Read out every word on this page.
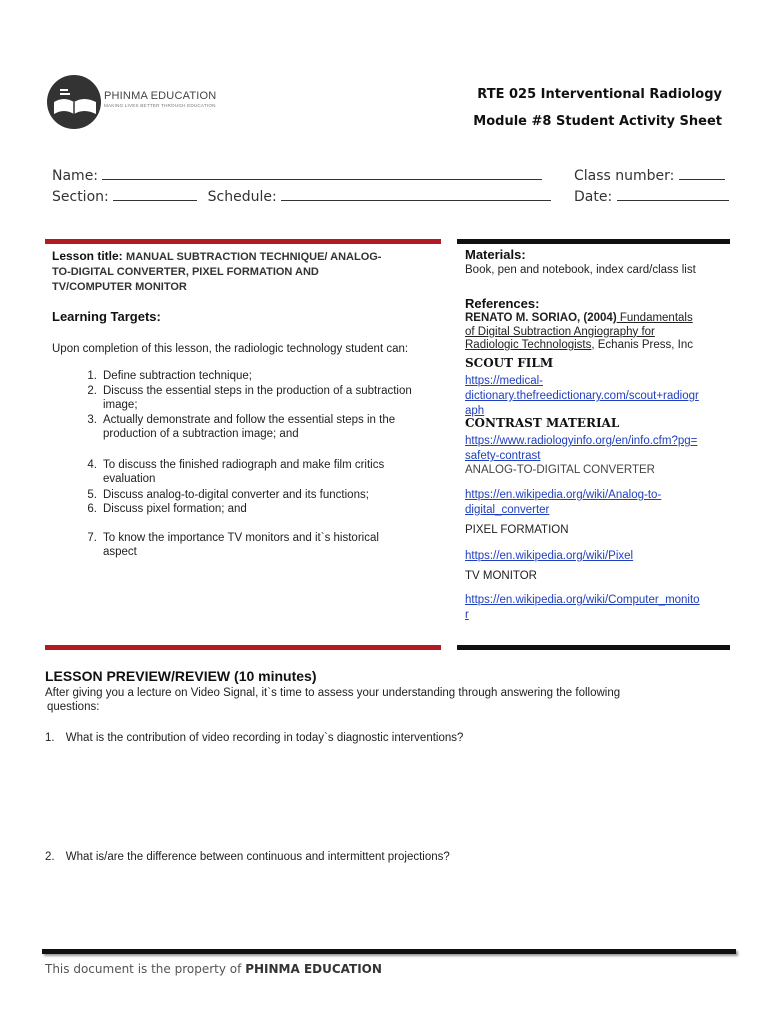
PHINMA EDUCATION
MAKING LIVES BETTER THROUGH EDUCATION
RTE 025 Interventional Radiology
Module #8 Student Activity Sheet
Name:	Class number:
Section:	Schedule:	Date:
Lesson title: MANUAL SUBTRACTION TECHNIQUE/ ANALOG-
TO-DIGITAL CONVERTER, PIXEL FORMATION AND
TV/COMPUTER MONITOR
Learning Targets:
Upon completion of this lesson, the radiologic technology student can:
1. Define subtraction technique;
2. Discuss the essential steps in the production of a subtraction
image;
3. Actually demonstrate and follow the essential steps in the
production of a subtraction image; and
4. To discuss the finished radiograph and make film critics
evaluation
5. Discuss analog-to-digital converter and its functions;
6. Discuss pixel formation; and
7. To know the importance TV monitors and it`s historical
aspect
Materials:
Book, pen and notebook, index card/class list
References:
RENATO M. SORIAO, (2004) Fundamentals
of Digital Subtraction Angiography for
Radiologic Technologists, Echanis Press, Inc
SCOUT FILM
https://medical-
dictionary.thefreedictionary.com/scout+radiogr
aph
CONTRAST MATERIAL
https://www.radiologyinfo.org/en/info.cfm?pg=
safety-contrast
ANALOG-TO-DIGITAL CONVERTER
https://en.wikipedia.org/wiki/Analog-to-
digital_converter
PIXEL FORMATION
https://en.wikipedia.org/wiki/Pixel
TV MONITOR
https://en.wikipedia.org/wiki/Computer_monito
r
LESSON PREVIEW/REVIEW (10 minutes)
After giving you a lecture on Video Signal, it`s time to assess your understanding through answering the following
questions:
1. What is the contribution of video recording in today`s diagnostic interventions?
2. What is/are the difference between continuous and intermittent projections?
This document is the property of PHINMA EDUCATION
